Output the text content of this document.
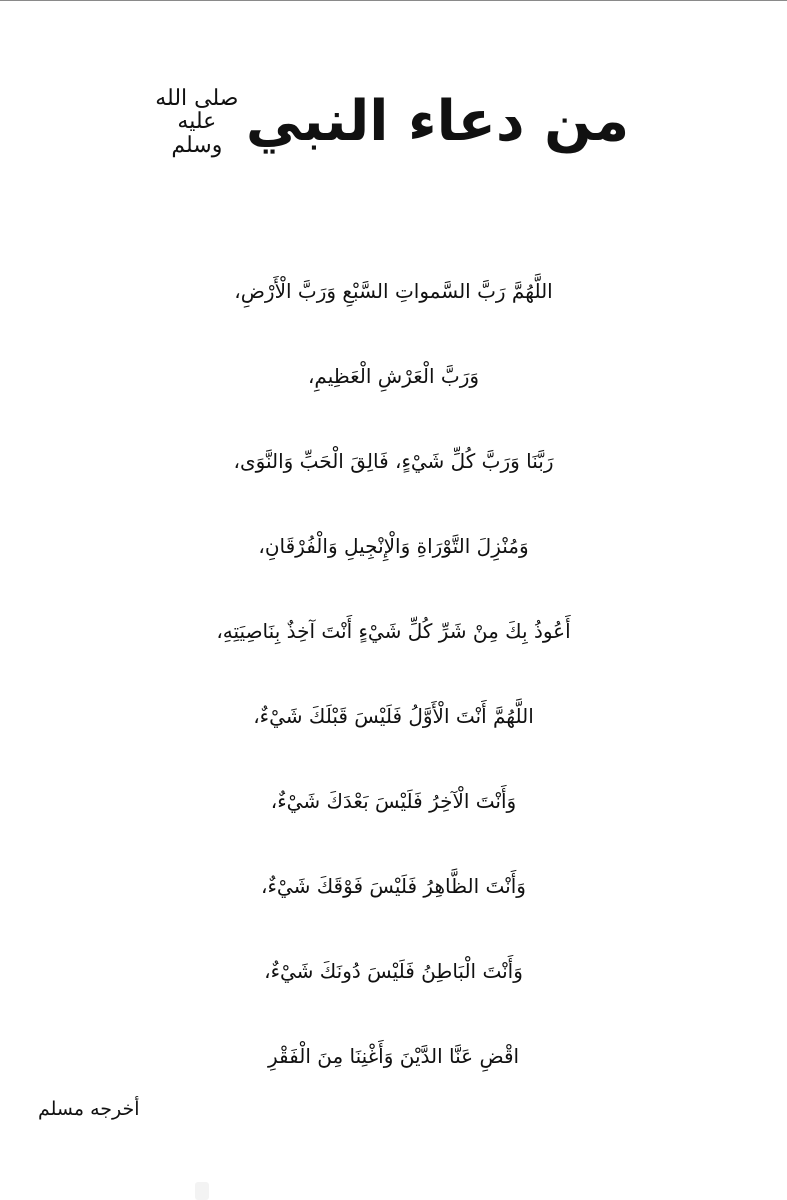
من دعاء النبي
صلى الله
عليه
وسلم
اللَّهُمَّ رَبَّ السَّمواتِ السَّبْعِ وَرَبَّ الْأَرْضِ،
وَرَبَّ الْعَرْشِ الْعَظِيمِ،
رَبَّنَا وَرَبَّ كُلِّ شَيْءٍ، فَالِقَ الْحَبِّ وَالنَّوَى،
وَمُنْزِلَ التَّوْرَاةِ وَالْإِنْجِيلِ وَالْفُرْقَانِ،
أَعُوذُ بِكَ مِنْ شَرِّ كُلِّ شَيْءٍ أَنْتَ آخِذٌ بِنَاصِيَتِهِ،
اللَّهُمَّ أَنْتَ الْأَوَّلُ فَلَيْسَ قَبْلَكَ شَيْءٌ،
وَأَنْتَ الْآخِرُ فَلَيْسَ بَعْدَكَ شَيْءٌ،
وَأَنْتَ الظَّاهِرُ فَلَيْسَ فَوْقَكَ شَيْءٌ،
وَأَنْتَ الْبَاطِنُ فَلَيْسَ دُونَكَ شَيْءٌ،
اقْضِ عَنَّا الدَّيْنَ وَأَغْنِنَا مِنَ الْفَقْرِ
أخرجه مسلم
